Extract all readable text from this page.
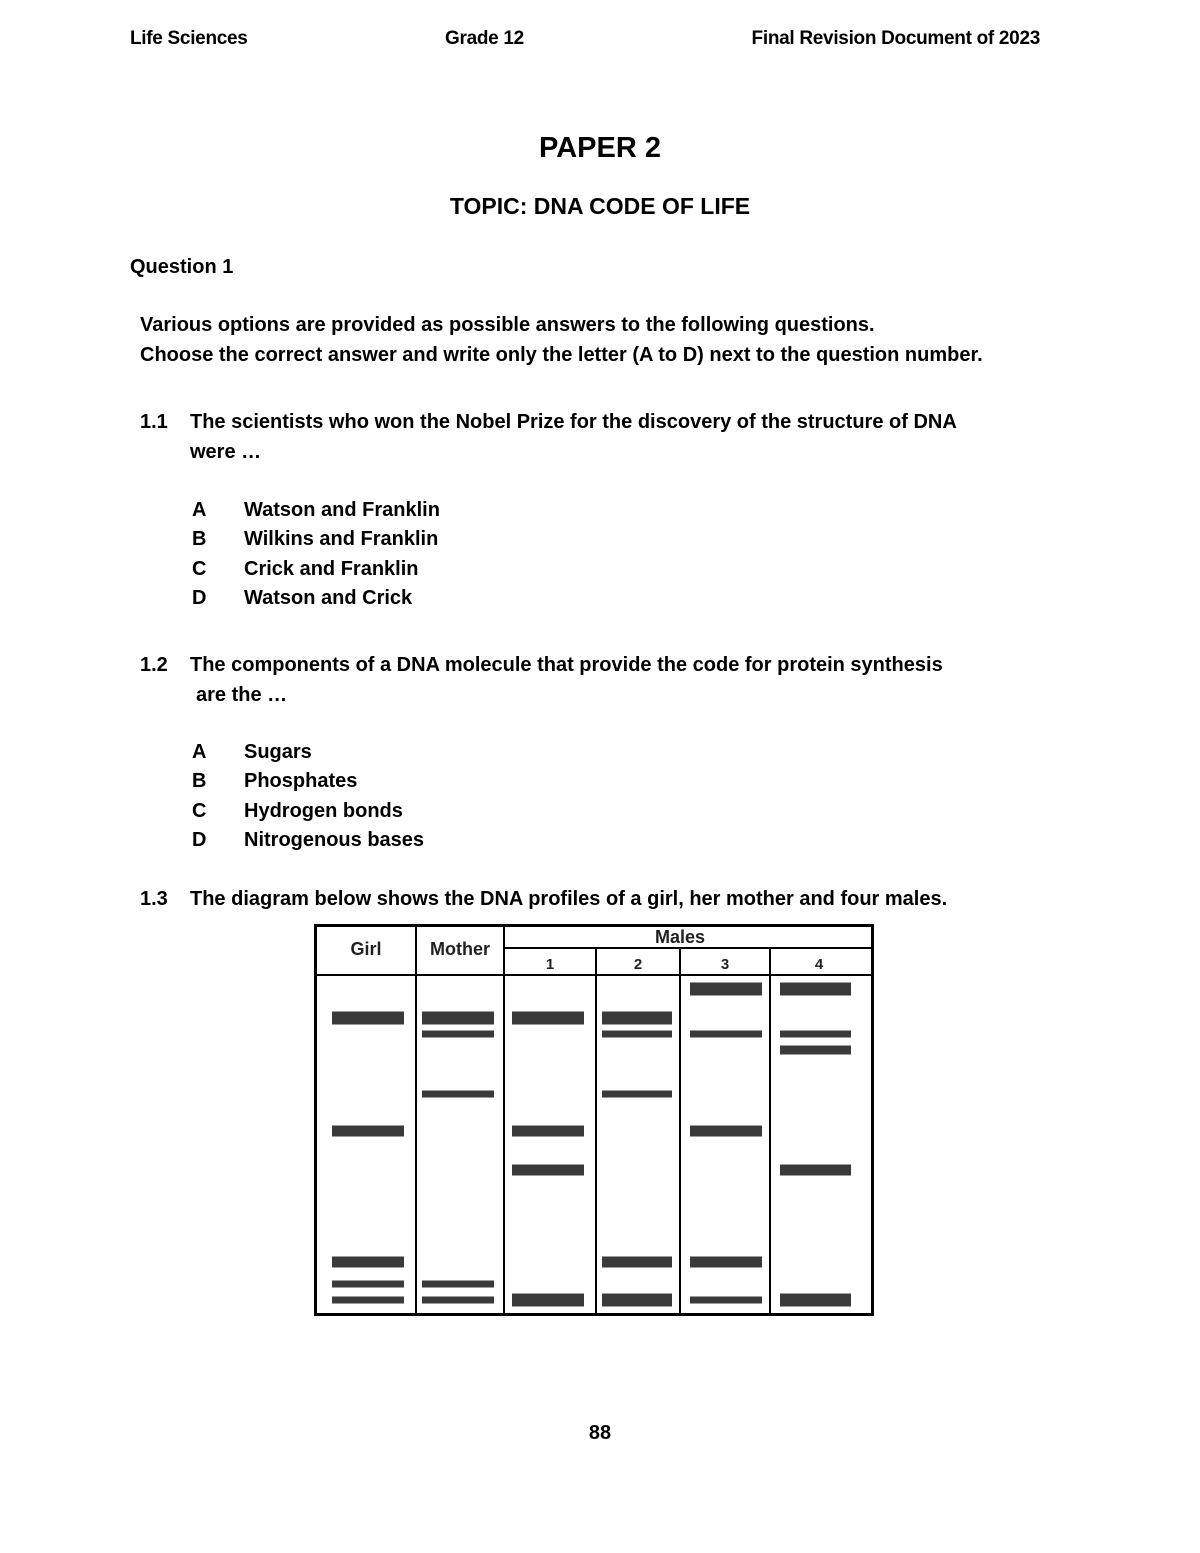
Life Sciences	Grade 12	Final Revision Document of 2023
PAPER 2
TOPIC: DNA CODE OF LIFE
Question 1
Various options are provided as possible answers to the following questions.
Choose the correct answer and write only the letter (A to D) next to the question number.
1.1 The scientists who won the Nobel Prize for the discovery of the structure of DNA
were …
A Watson and Franklin
B Wilkins and Franklin
C Crick and Franklin
D Watson and Crick
1.2 The components of a DNA molecule that provide the code for protein synthesis
are the …
A Sugars
B Phosphates
C Hydrogen bonds
D Nitrogenous bases
1.3 The diagram below shows the DNA profiles of a girl, her mother and four males.
Girl	Mother
Males
1	2	3	4
88
